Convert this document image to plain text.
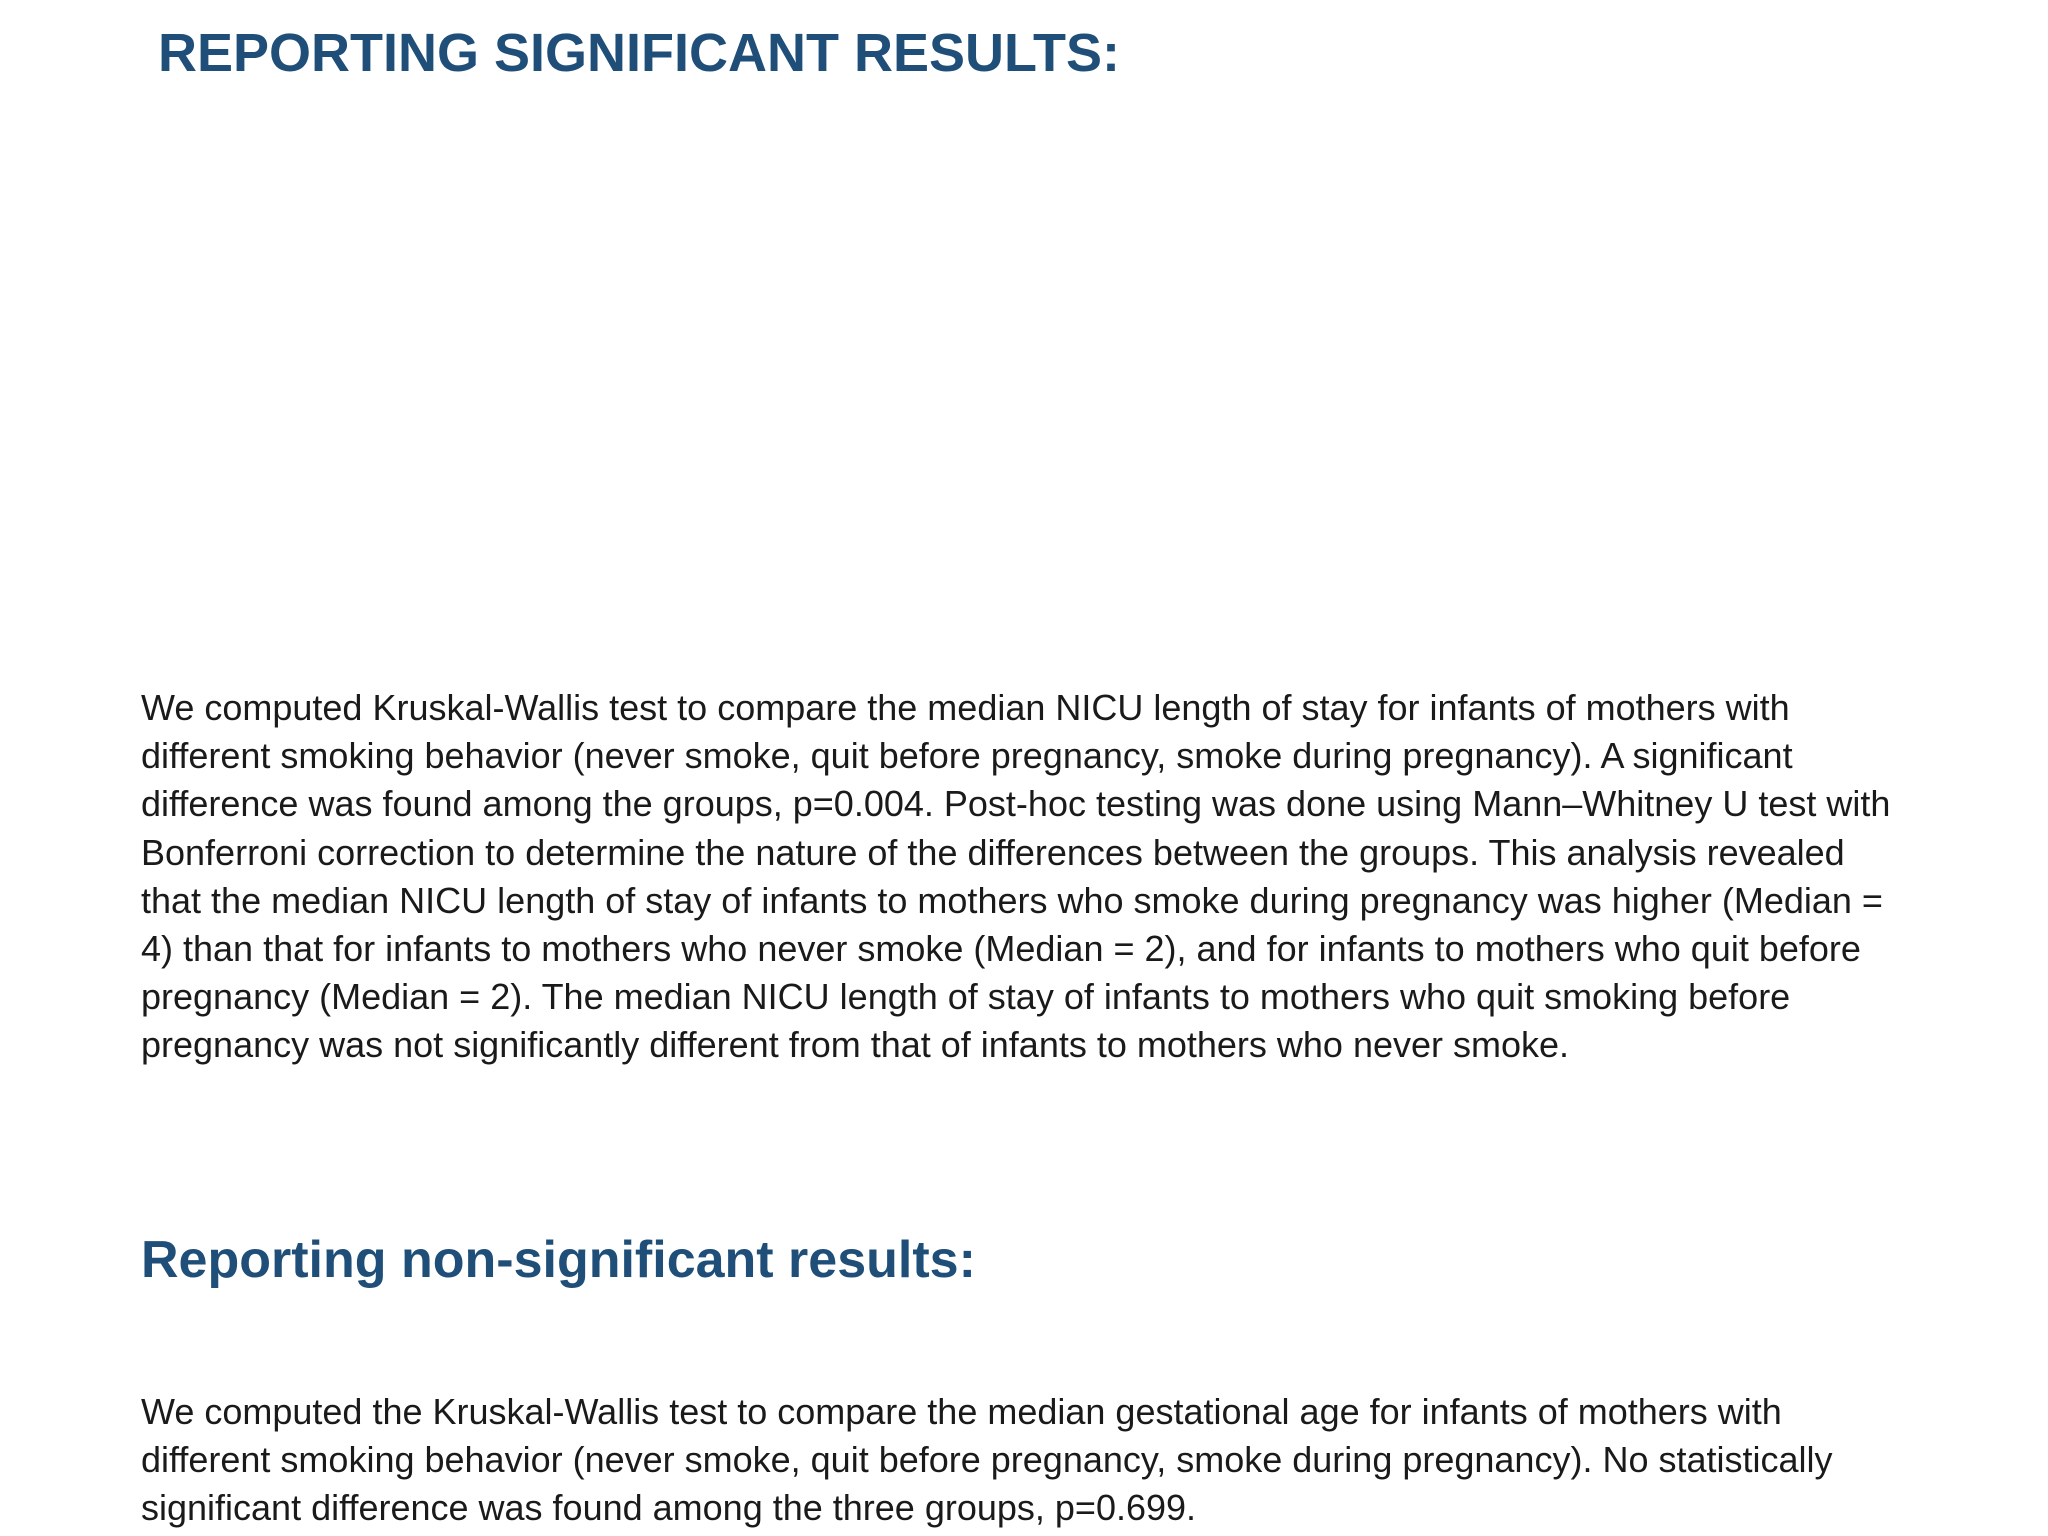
REPORTING SIGNIFICANT RESULTS:

We computed Kruskal-Wallis test to compare the median NICU length of stay for infants of mothers with
different smoking behavior (never smoke, quit before pregnancy, smoke during pregnancy). A significant
difference was found among the groups, p=0.004. Post-hoc testing was done using Mann–Whitney U test with
Bonferroni correction to determine the nature of the differences between the groups. This analysis revealed
that the median NICU length of stay of infants to mothers who smoke during pregnancy was higher (Median =
4) than that for infants to mothers who never smoke (Median = 2), and for infants to mothers who quit before
pregnancy (Median = 2). The median NICU length of stay of infants to mothers who quit smoking before
pregnancy was not significantly different from that of infants to mothers who never smoke.

Reporting non-significant results:

We computed the Kruskal-Wallis test to compare the median gestational age for infants of mothers with
different smoking behavior (never smoke, quit before pregnancy, smoke during pregnancy). No statistically
significant difference was found among the three groups, p=0.699.
